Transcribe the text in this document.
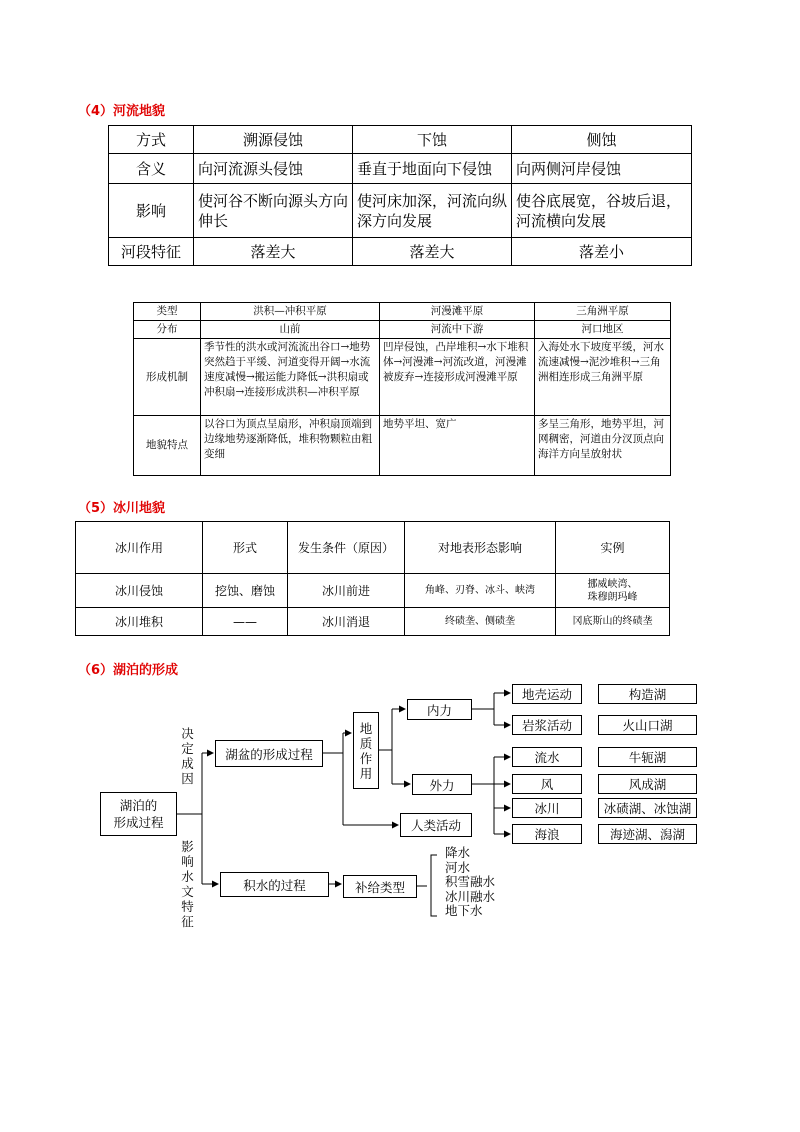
（4）河流地貌
方式	溯源侵蚀	下蚀	侧蚀
含义	向河流源头侵蚀	垂直于地面向下侵蚀	向两侧河岸侵蚀
影响	使河谷不断向源头方向伸长	使河床加深，河流向纵深方向发展	使谷底展宽，谷坡后退，河流横向发展
河段特征	落差大	落差大	落差小
类型	洪积—冲积平原	河漫滩平原	三角洲平原
分布	山前	河流中下游	河口地区
形成机制	季节性的洪水或河流流出谷口→地势突然趋于平缓、河道变得开阔→水流速度减慢→搬运能力降低→洪积扇或冲积扇→连接形成洪积—冲积平原	凹岸侵蚀，凸岸堆积→水下堆积体→河漫滩→河流改道，河漫滩被废弃→连接形成河漫滩平原	入海处水下坡度平缓，河水流速减慢→泥沙堆积→三角洲相连形成三角洲平原
地貌特点	以谷口为顶点呈扇形，冲积扇顶端到边缘地势逐渐降低，堆积物颗粒由粗变细	地势平坦、宽广	多呈三角形，地势平坦，河网稠密，河道由分汊顶点向海洋方向呈放射状
（5）冰川地貌
冰川作用	形式	发生条件（原因）	对地表形态影响	实例
冰川侵蚀	挖蚀、磨蚀	冰川前进	角峰、刃脊、冰斗、峡湾	挪威峡湾、
珠穆朗玛峰
冰川堆积	——	冰川消退	终碛垄、侧碛垄	冈底斯山的终碛垄
（6）湖泊的形成
湖泊的
形成过程
决定成因
影响水文特征
湖盆的形成过程
地质作用
内力
外力
人类活动
积水的过程	补给类型
降水
河水
积雪融水
冰川融水
地下水
地壳运动
岩浆活动
流水
风
冰川
海浪
构造湖
火山口湖
牛轭湖
风成湖
冰碛湖、冰蚀湖
海迹湖、潟湖
